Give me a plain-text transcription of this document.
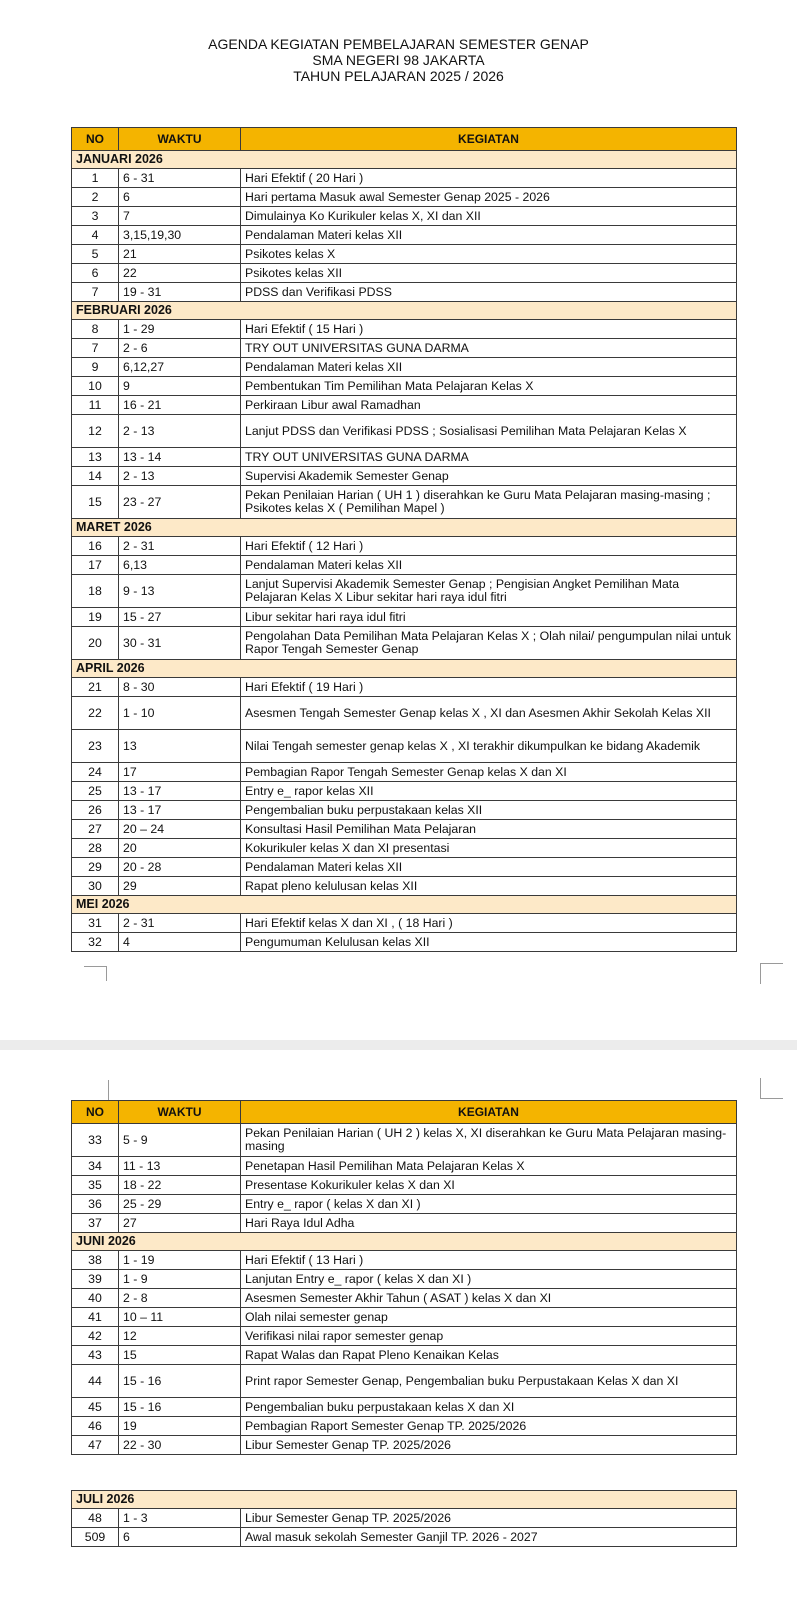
AGENDA KEGIATAN PEMBELAJARAN SEMESTER GENAP
SMA NEGERI 98 JAKARTA
TAHUN PELAJARAN 2025 / 2026
NO	WAKTU	KEGIATAN
JANUARI 2026		
1	6 - 31	Hari Efektif ( 20 Hari )
2	6	Hari pertama Masuk awal Semester Genap 2025 - 2026
3	7	Dimulainya Ko Kurikuler kelas X, XI dan XII
4	3,15,19,30	Pendalaman Materi kelas XII
5	21	Psikotes kelas X
6	22	Psikotes kelas XII
7	19 - 31	PDSS dan Verifikasi PDSS
FEBRUARI 2026		
8	1 - 29	Hari Efektif ( 15 Hari )
7	2 - 6	TRY OUT UNIVERSITAS GUNA DARMA
9	6,12,27	Pendalaman Materi kelas XII
10	9	Pembentukan Tim Pemilihan Mata Pelajaran Kelas X
11	16 - 21	Perkiraan Libur awal Ramadhan
12	2 - 13	Lanjut PDSS dan Verifikasi PDSS ; Sosialisasi Pemilihan Mata Pelajaran Kelas X
13	13 - 14	TRY OUT UNIVERSITAS GUNA DARMA
14	2 - 13	Supervisi Akademik Semester Genap
15	23 - 27	Pekan Penilaian Harian ( UH 1 ) diserahkan ke Guru Mata Pelajaran masing-masing ; Psikotes kelas X ( Pemilihan Mapel )
MARET 2026		
16	2 - 31	Hari Efektif ( 12 Hari )
17	6,13	Pendalaman Materi kelas XII
18	9 - 13	Lanjut Supervisi Akademik Semester Genap ; Pengisian Angket Pemilihan Mata Pelajaran Kelas X Libur sekitar hari raya idul fitri
19	15 - 27	Libur sekitar hari raya idul fitri
20	30 - 31	Pengolahan Data Pemilihan Mata Pelajaran Kelas X ; Olah nilai/ pengumpulan nilai untuk Rapor Tengah Semester Genap
APRIL 2026		
21	8 - 30	Hari Efektif ( 19 Hari )
22	1 - 10	Asesmen Tengah Semester Genap kelas X , XI dan Asesmen Akhir Sekolah Kelas XII
23	13	Nilai Tengah semester genap kelas X , XI terakhir dikumpulkan ke bidang Akademik
24	17	Pembagian Rapor Tengah Semester Genap kelas X dan XI
25	13 - 17	Entry e_ rapor kelas XII
26	13 - 17	Pengembalian buku perpustakaan kelas XII
27	20 – 24	Konsultasi Hasil Pemilihan Mata Pelajaran
28	20	Kokurikuler kelas X dan XI presentasi
29	20 - 28	Pendalaman Materi kelas XII
30	29	Rapat pleno kelulusan kelas XII
MEI 2026		
31	2 - 31	Hari Efektif kelas X dan XI , ( 18 Hari )
32	4	Pengumuman Kelulusan kelas XII
NO	WAKTU	KEGIATAN
33	5 - 9	Pekan Penilaian Harian ( UH 2 ) kelas X, XI diserahkan ke Guru Mata Pelajaran masing-masing
34	11 - 13	Penetapan Hasil Pemilihan Mata Pelajaran Kelas X
35	18 - 22	Presentase Kokurikuler kelas X dan XI
36	25 - 29	Entry e_ rapor ( kelas X dan XI )
37	27	Hari Raya Idul Adha
JUNI 2026		
38	1 - 19	Hari Efektif ( 13 Hari )
39	1 - 9	Lanjutan Entry e_ rapor ( kelas X dan XI )
40	2 - 8	Asesmen Semester Akhir Tahun ( ASAT ) kelas X dan XI
41	10 – 11	Olah nilai semester genap
42	12	Verifikasi nilai rapor semester genap
43	15	Rapat Walas dan Rapat Pleno Kenaikan Kelas
44	15 - 16	Print rapor Semester Genap, Pengembalian buku Perpustakaan Kelas X dan XI
45	15 - 16	Pengembalian buku perpustakaan kelas X dan XI
46	19	Pembagian Raport Semester Genap TP. 2025/2026
47	22 - 30	Libur Semester Genap TP. 2025/2026
JULI 2026		
48	1 - 3	Libur Semester Genap TP. 2025/2026
509	6	Awal masuk sekolah Semester Ganjil TP. 2026 - 2027
